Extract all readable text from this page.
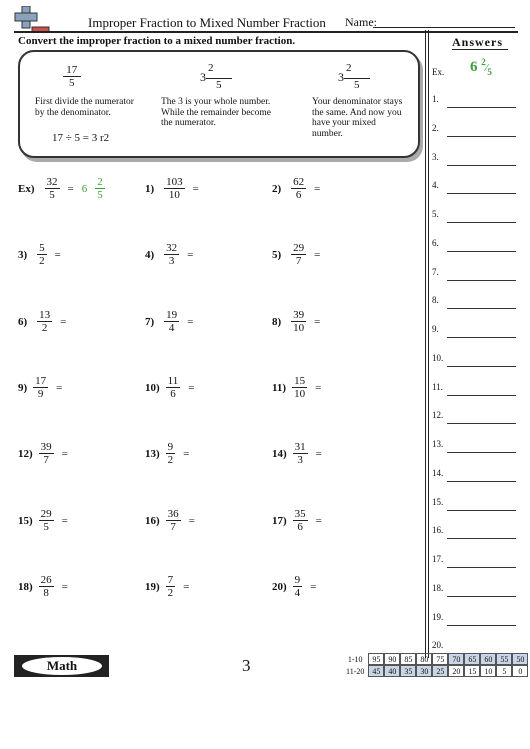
Improper Fraction to Mixed Number Fraction Name:
Convert the improper fraction to a mixed number fraction.
$\frac{17}{5}$
First divide the numerator by the denominator.
17 ÷ 5 = 3 r2
$3 \frac{2}{5}$
The 3 is your whole number. While the remainder become the numerator.
$3 \frac{2}{5}$
Your denominator stays the same. And now you have your mixed number.
Answers
Ex. 6 $^2⁄_5$
1.
2.
3.
4.
5.
6.
7.
8.
9.
10.
11.
12.
13.
14.
15.
16.
17.
18.
19.
20.
$Ex) \frac{32}{5} = 6 \frac{2}{5}$	$1) \frac{103}{10}$ =	$2) \frac{62}{6}$ =
$3) \frac{5}{2}$ =	$4) \frac{32}{3}$ =	$5) \frac{29}{7}$ =
$6) \frac{13}{2}$ =	$7) \frac{19}{4}$ =	$8) \frac{39}{10}$ =
$9) \frac{17}{9}$ =	$10) \frac{11}{6}$ =	$11) \frac{15}{10}$ =
$12) \frac{39}{7}$ =	$13) \frac{9}{2}$ =	$14) \frac{31}{3}$ =
$15) \frac{29}{5}$ =	$16) \frac{36}{7}$ =	$17) \frac{35}{6}$ =
$18) \frac{26}{8}$ =	$19) \frac{7}{2}$ =	$20) \frac{9}{4}$ =
Math	3	1-10	95	90	85	80	75	70	65	60	55	50
11-20	45	40	35	30	25	20	15	10	5	0
